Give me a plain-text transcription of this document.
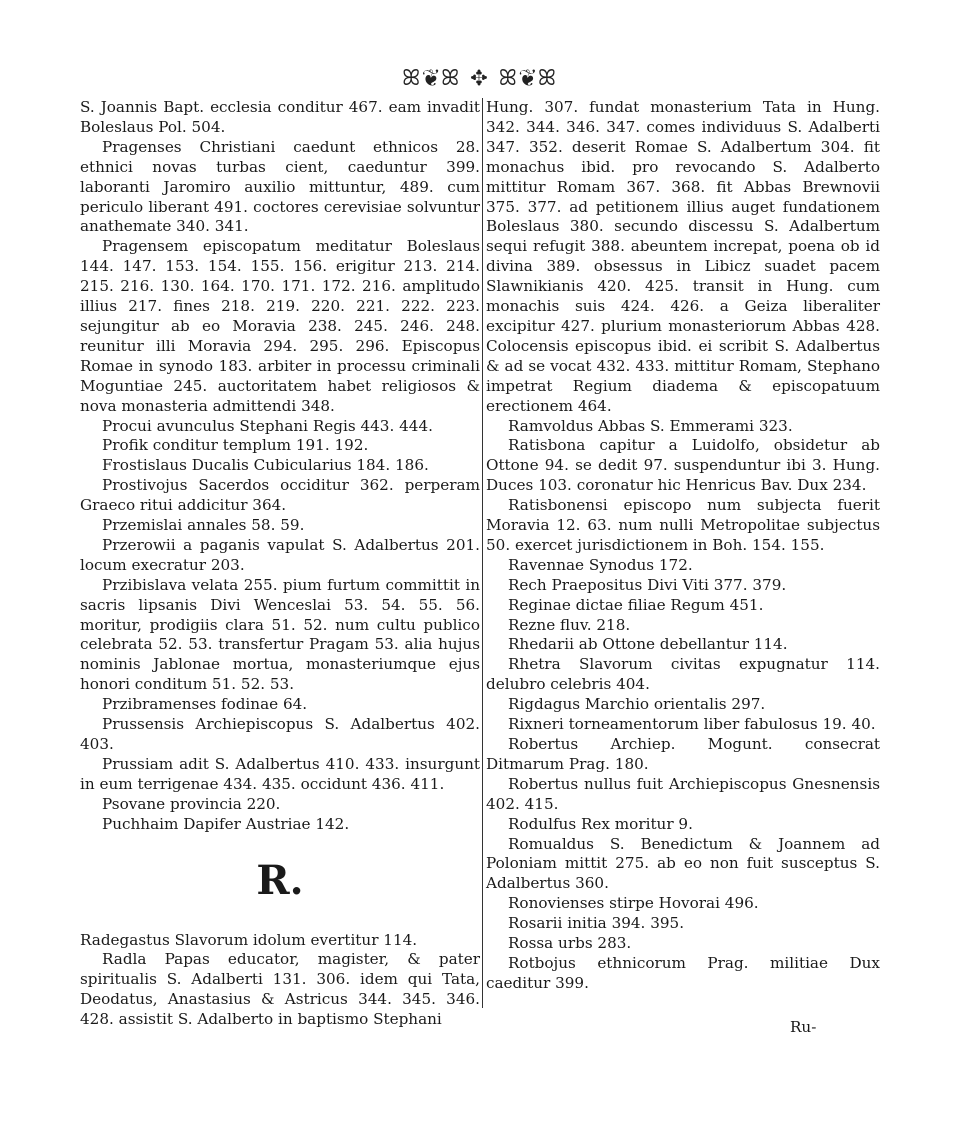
ꕤ❦ꕤ ✥ ꕤ❦ꕤ

S. Joannis Bapt. ecclesia conditur 467. eam invadit Boleslaus Pol. 504.

Pragenses Christiani caedunt ethnicos 28. ethnici novas turbas cient, caeduntur 399. laboranti Jaromiro auxilio mittuntur, 489. cum periculo liberant 491. coctores cerevisiae solvuntur anathemate 340. 341.

Pragensem episcopatum meditatur Boleslaus 144. 147. 153. 154. 155. 156. erigitur 213. 214. 215. 216. 130. 164. 170. 171. 172. 216. amplitudo illius 217. fines 218. 219. 220. 221. 222. 223. sejungitur ab eo Moravia 238. 245. 246. 248. reunitur illi Moravia 294. 295. 296. Episcopus Romae in synodo 183. arbiter in processu criminali Moguntiae 245. auctoritatem habet religiosos & nova monasteria admittendi 348.

Procui avunculus Stephani Regis 443. 444.

Profik conditur templum 191. 192.

Frostislaus Ducalis Cubicularius 184. 186.

Prostivojus Sacerdos occiditur 362. perperam Graeco ritui addicitur 364.

Przemislai annales 58. 59.

Przerowii a paganis vapulat S. Adalbertus 201. locum execratur 203.

Przibislava velata 255. pium furtum committit in sacris lipsanis Divi Wenceslai 53. 54. 55. 56. moritur, prodigiis clara 51. 52. num cultu publico celebrata 52. 53. transfertur Pragam 53. alia hujus nominis Jablonae mortua, monasteriumque ejus honori conditum 51. 52. 53.

Przibramenses fodinae 64.

Prussensis Archiepiscopus S. Adalbertus 402. 403.

Prussiam adit S. Adalbertus 410. 433. insurgunt in eum terrigenae 434. 435. occidunt 436. 411.

Psovane provincia 220.

Puchhaim Dapifer Austriae 142.

R.

Radegastus Slavorum idolum evertitur 114.

Radla Papas educator, magister, & pater spiritualis S. Adalberti 131. 306. idem qui Tata, Deodatus, Anastasius & Astricus 344. 345. 346. 428. assistit S. Adalberto in baptismo Stephani

Hung. 307. fundat monasterium Tata in Hung. 342. 344. 346. 347. comes individuus S. Adalberti 347. 352. deserit Romae S. Adalbertum 304. fit monachus ibid. pro revocando S. Adalberto mittitur Romam 367. 368. fit Abbas Brewnovii 375. 377. ad petitionem illius auget fundationem Boleslaus 380. secundo discessu S. Adalbertum sequi refugit 388. abeuntem increpat, poena ob id divina 389. obsessus in Libicz suadet pacem Slawnikianis 420. 425. transit in Hung. cum monachis suis 424. 426. a Geiza liberaliter excipitur 427. plurium monasteriorum Abbas 428. Colocensis episcopus ibid. ei scribit S. Adalbertus & ad se vocat 432. 433. mittitur Romam, Stephano impetrat Regium diadema & episcopatuum erectionem 464.

Ramvoldus Abbas S. Emmerami 323.

Ratisbona capitur a Luidolfo, obsidetur ab Ottone 94. se dedit 97. suspenduntur ibi 3. Hung. Duces 103. coronatur hic Henricus Bav. Dux 234.

Ratisbonensi episcopo num subjecta fuerit Moravia 12. 63. num nulli Metropolitae subjectus 50. exercet jurisdictionem in Boh. 154. 155.

Ravennae Synodus 172.

Rech Praepositus Divi Viti 377. 379.

Reginae dictae filiae Regum 451.

Rezne fluv. 218.

Rhedarii ab Ottone debellantur 114.

Rhetra Slavorum civitas expugnatur 114. delubro celebris 404.

Rigdagus Marchio orientalis 297.

Rixneri torneamentorum liber fabulosus 19. 40.

Robertus Archiep. Mogunt. consecrat Ditmarum Prag. 180.

Robertus nullus fuit Archiepiscopus Gnesnensis 402. 415.

Rodulfus Rex moritur 9.

Romualdus S. Benedictum & Joannem ad Poloniam mittit 275. ab eo non fuit susceptus S. Adalbertus 360.

Ronovienses stirpe Hovorai 496.

Rosarii initia 394. 395.

Rossa urbs 283.

Rotbojus ethnicorum Prag. militiae Dux caeditur 399.

Ru-
